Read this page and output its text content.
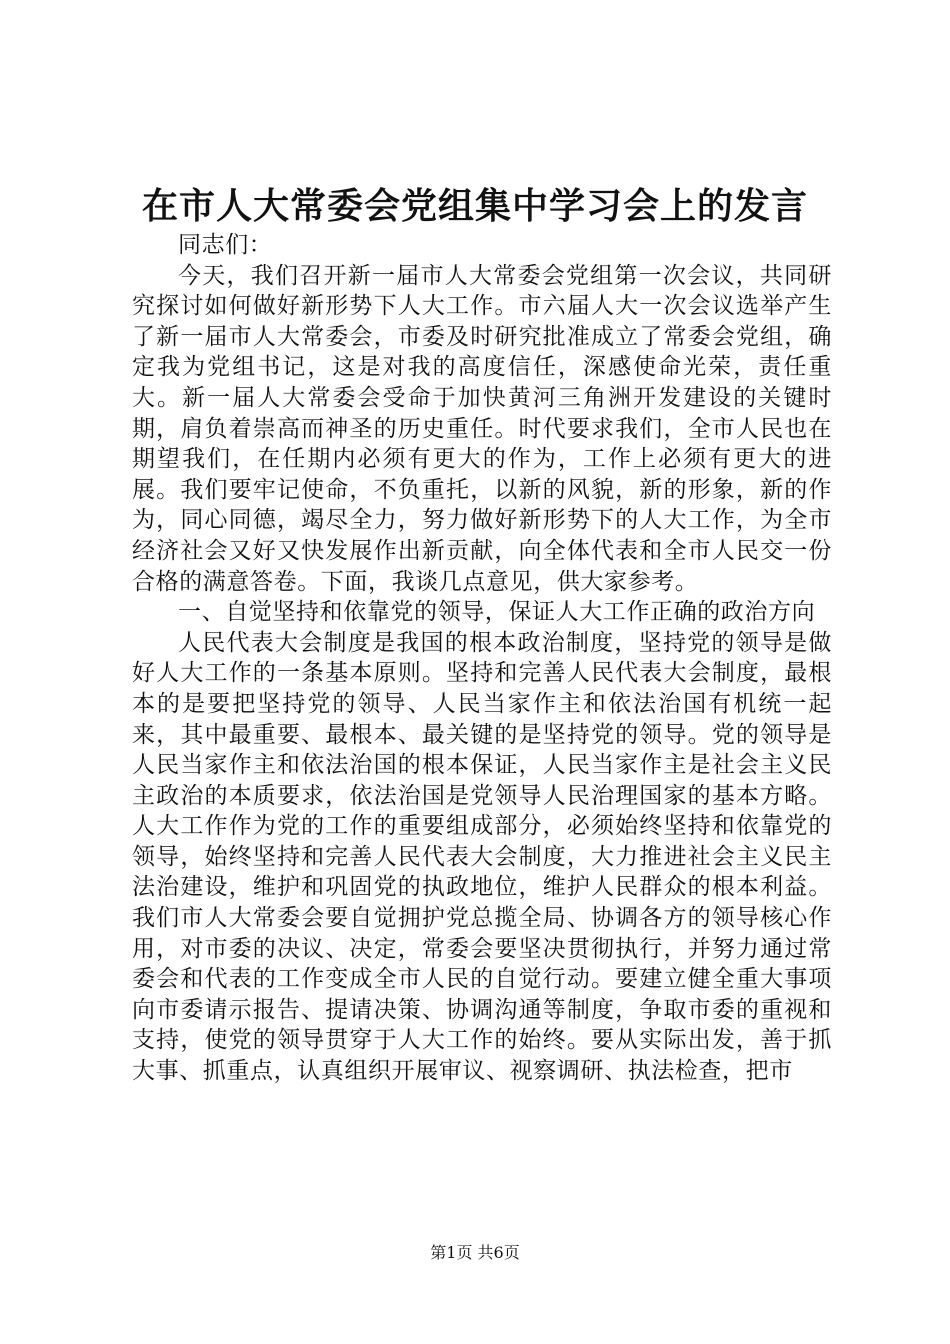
在市人大常委会党组集中学习会上的发言

同志们：

今天，我们召开新一届市人大常委会党组第一次会议，共同研究探讨如何做好新形势下人大工作。市六届人大一次会议选举产生了新一届市人大常委会，市委及时研究批准成立了常委会党组，确定我为党组书记，这是对我的高度信任，深感使命光荣，责任重大。新一届人大常委会受命于加快黄河三角洲开发建设的关键时期，肩负着崇高而神圣的历史重任。时代要求我们，全市人民也在期望我们，在任期内必须有更大的作为，工作上必须有更大的进展。我们要牢记使命，不负重托，以新的风貌，新的形象，新的作为，同心同德，竭尽全力，努力做好新形势下的人大工作，为全市经济社会又好又快发展作出新贡献，向全体代表和全市人民交一份合格的满意答卷。下面，我谈几点意见，供大家参考。

一、自觉坚持和依靠党的领导，保证人大工作正确的政治方向

人民代表大会制度是我国的根本政治制度，坚持党的领导是做好人大工作的一条基本原则。坚持和完善人民代表大会制度，最根本的是要把坚持党的领导、人民当家作主和依法治国有机统一起来，其中最重要、最根本、最关键的是坚持党的领导。党的领导是人民当家作主和依法治国的根本保证，人民当家作主是社会主义民主政治的本质要求，依法治国是党领导人民治理国家的基本方略。人大工作作为党的工作的重要组成部分，必须始终坚持和依靠党的领导，始终坚持和完善人民代表大会制度，大力推进社会主义民主法治建设，维护和巩固党的执政地位，维护人民群众的根本利益。我们市人大常委会要自觉拥护党总揽全局、协调各方的领导核心作用，对市委的决议、决定，常委会要坚决贯彻执行，并努力通过常委会和代表的工作变成全市人民的自觉行动。要建立健全重大事项向市委请示报告、提请决策、协调沟通等制度，争取市委的重视和支持，使党的领导贯穿于人大工作的始终。要从实际出发，善于抓大事、抓重点，认真组织开展审议、视察调研、执法检查，把市

第1页 共6页
